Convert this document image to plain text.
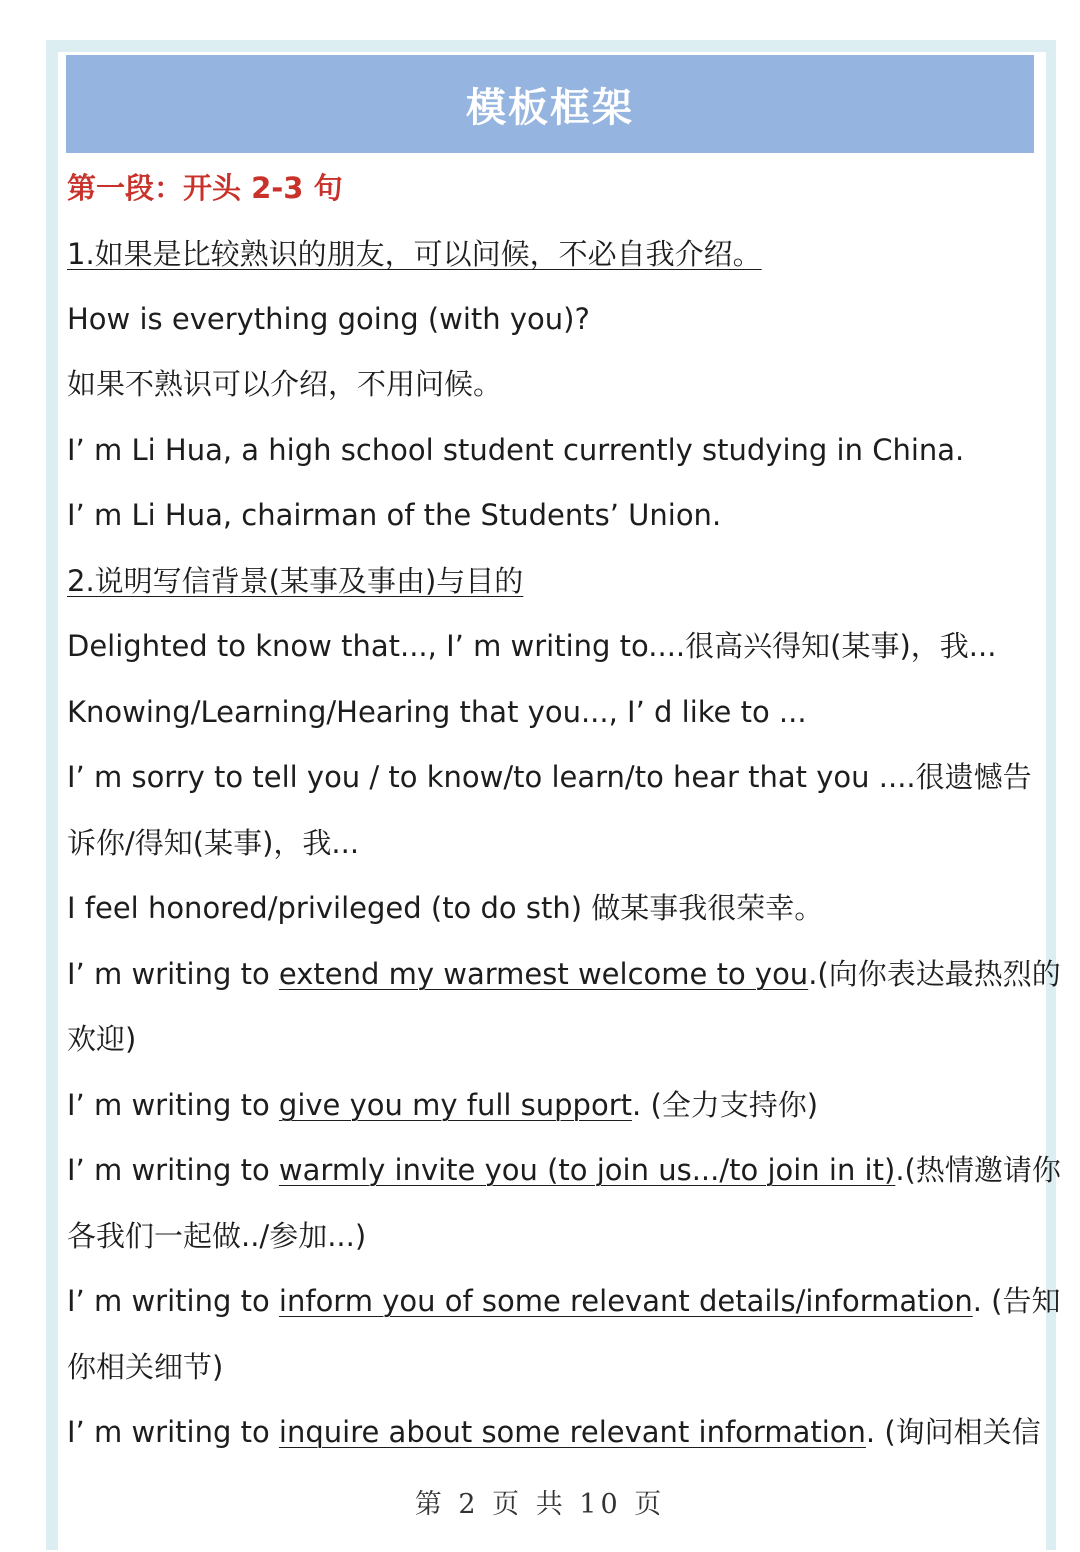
模板框架
第一段：开头 2-3 句
1.如果是比较熟识的朋友，可以问候，不必自我介绍。
How is everything going (with you)?
如果不熟识可以介绍，不用问候。
I’ m Li Hua, a high school student currently studying in China.
I’ m Li Hua, chairman of the Students’ Union.
2.说明写信背景(某事及事由)与目的
Delighted to know that..., I’ m writing to....很高兴得知(某事)，我...
Knowing/Learning/Hearing that you..., I’ d like to ...
I’ m sorry to tell you / to know/to learn/to hear that you ....很遗憾告
诉你/得知(某事)，我...
I feel honored/privileged (to do sth) 做某事我很荣幸。
I’ m writing to extend my warmest welcome to you.(向你表达最热烈的
欢迎)
I’ m writing to give you my full support. (全力支持你)
I’ m writing to warmly invite you (to join us.../to join in it).(热情邀请你
各我们一起做../参加...)
I’ m writing to inform you of some relevant details/information. (告知
你相关细节)
I’ m writing to inquire about some relevant information. (询问相关信
第 2 页 共 10 页
